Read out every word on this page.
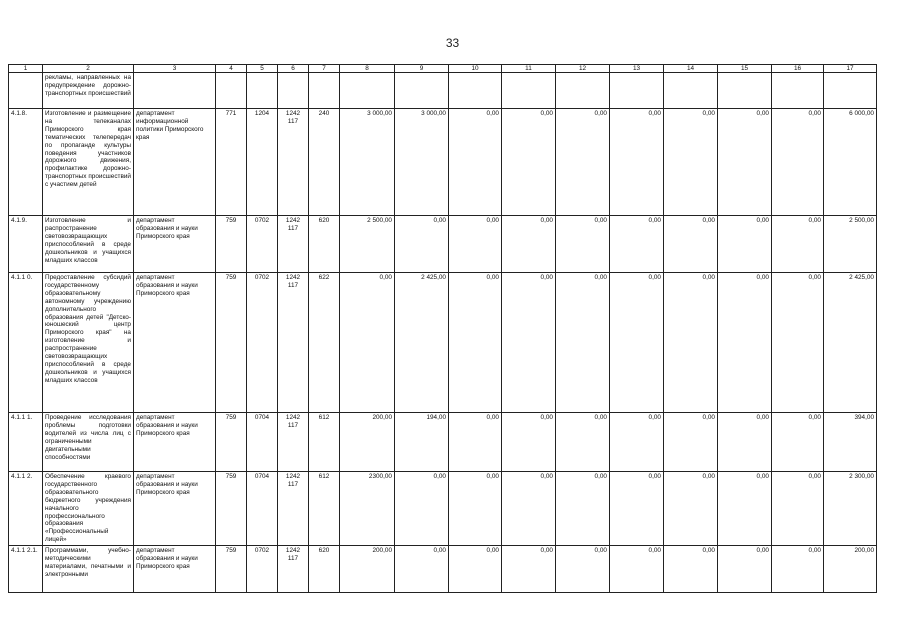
33
1	2	3	4	5	6	7	8	9	10	11	12	13	14	15	16	17
	рекламы, направленных на предупреждение дорожно-транспортных происшествий															
4.1.8.	Изготовление и размещение на телеканалах Приморского края тематических телепередач по пропаганде культуры поведения участников дорожного движения, профилактике дорожно-транспортных происшествий с участием детей	департамент информационной политики Приморского края	771	1204	1242 117	240	3 000,00	3 000,00	0,00	0,00	0,00	0,00	0,00	0,00	0,00	6 000,00
4.1.9.	Изготовление и распространение световозвращающих приспособлений в среде дошкольников и учащихся младших классов	департамент образования и науки Приморского края	759	0702	1242 117	620	2 500,00	0,00	0,00	0,00	0,00	0,00	0,00	0,00	0,00	2 500,00
4.1.1 0.	Предоставление субсидий государственному образовательному автономному учреждению дополнительного образования детей "Детско-юношеский центр Приморского края" на изготовление и распространение световозвращающих приспособлений в среде дошкольников и учащихся младших классов	департамент образования и науки Приморского края	759	0702	1242 117	622	0,00	2 425,00	0,00	0,00	0,00	0,00	0,00	0,00	0,00	2 425,00
4.1.1 1.	Проведение исследования проблемы подготовки водителей из числа лиц с ограниченными двигательными способностями	департамент образования и науки Приморского края	759	0704	1242 117	612	200,00	194,00	0,00	0,00	0,00	0,00	0,00	0,00	0,00	394,00
4.1.1 2.	Обеспечение краевого государственного образовательного бюджетного учреждения начального профессионального образования «Профессиональный лицей»	департамент образования и науки Приморского края	759	0704	1242 117	612	2300,00	0,00	0,00	0,00	0,00	0,00	0,00	0,00	0,00	2 300,00
4.1.1 2.1.	Программами, учебно-методическими материалами, печатными и электронными	департамент образования и науки Приморского края	759	0702	1242 117	620	200,00	0,00	0,00	0,00	0,00	0,00	0,00	0,00	0,00	200,00
